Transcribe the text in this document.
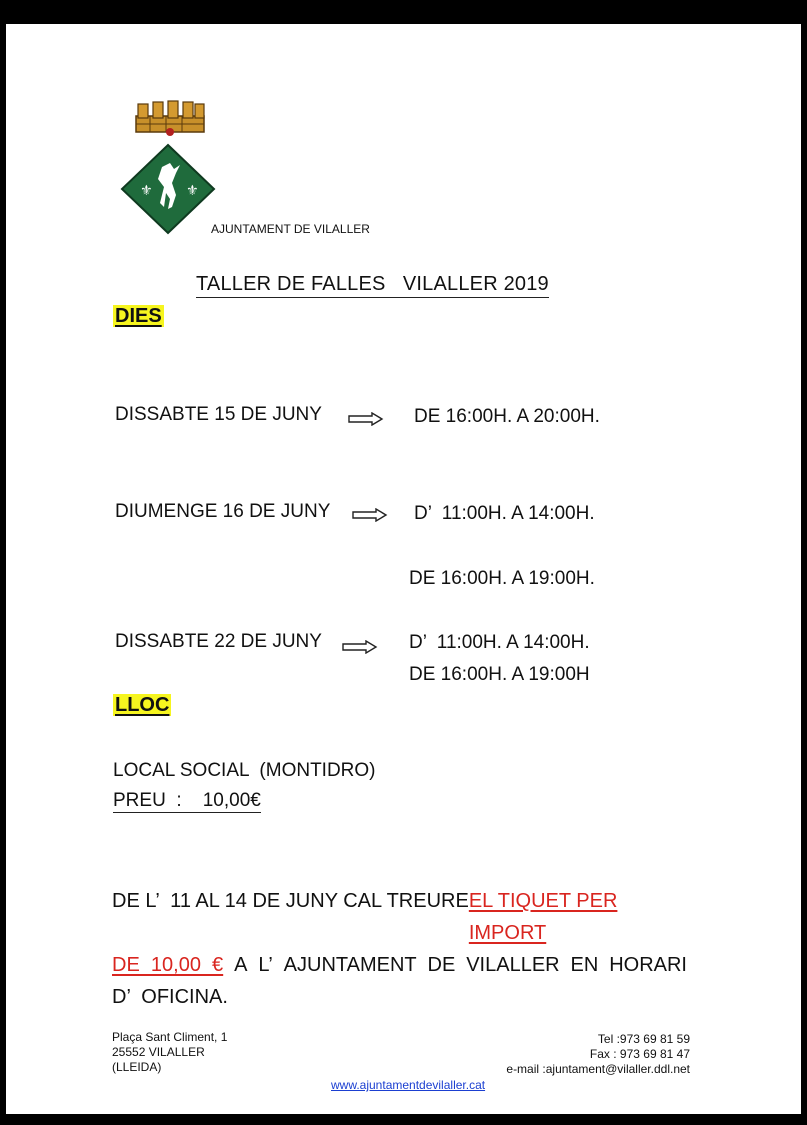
⚜ ⚜
AJUNTAMENT DE VILALLER
TALLER DE FALLES   VILALLER 2019
DIES
DISSABTE 15 DE JUNY	DE 16:00H. A 20:00H.
DIUMENGE 16 DE JUNY	D’  11:00H. A 14:00H.
DE 16:00H. A 19:00H.
DISSABTE 22 DE JUNY	D’  11:00H. A 14:00H.
DE 16:00H. A 19:00H
LLOC
LOCAL SOCIAL  (MONTIDRO)
PREU  :    10,00€
DE L’  11 AL 14 DE JUNY CAL TREURE EL TIQUET PER IMPORT
DE  10,00  € A L’ AJUNTAMENT DE VILALLER EN HORARI
D’  OFICINA.
Plaça Sant Climent, 1
25552 VILALLER
(LLEIDA)
Tel :973 69 81 59
Fax : 973 69 81 47
e-mail :ajuntament@vilaller.ddl.net
www.ajuntamentdevilaller.cat
